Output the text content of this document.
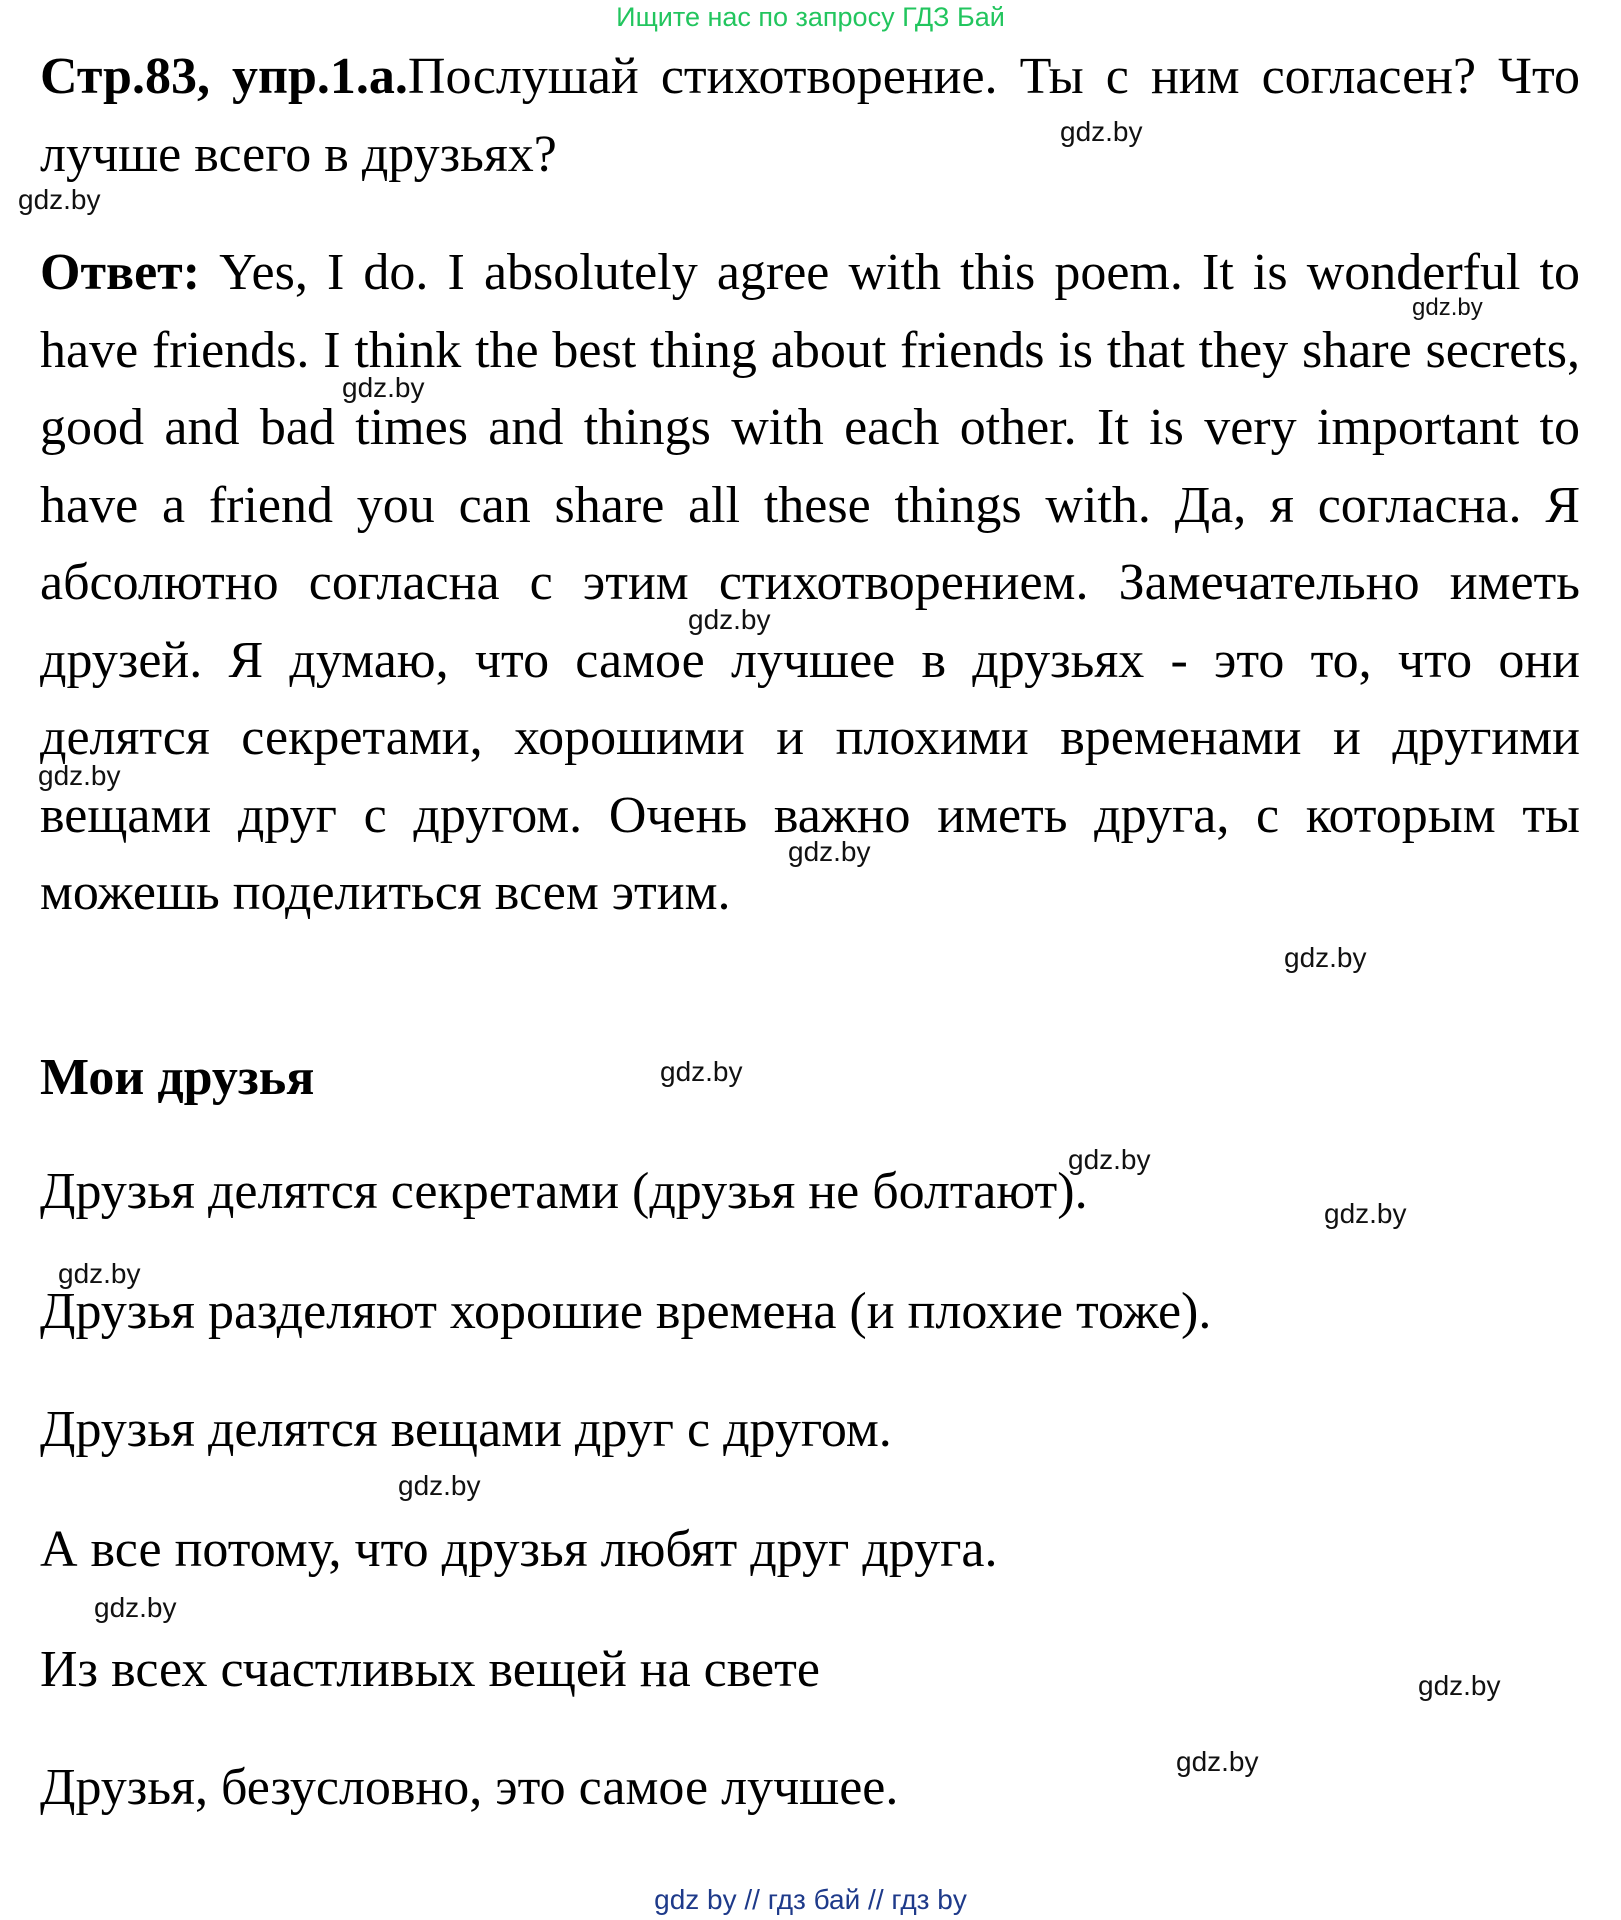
Ищите нас по запросу ГДЗ Бай

Стр.83, упр.1.a.Послушай стихотворение. Ты с ним согласен? Что лучше всего в друзьях?

Ответ: Yes, I do. I absolutely agree with this poem. It is wonderful to have friends. I think the best thing about friends is that they share secrets, good and bad times and things with each other. It is very important to have a friend you can share all these things with. Да, я согласна. Я абсолютно согласна с этим стихотворением. Замечательно иметь друзей. Я думаю, что самое лучшее в друзьях - это то, что они делятся секретами, хорошими и плохими временами и другими вещами друг с другом. Очень важно иметь друга, с которым ты можешь поделиться всем этим.

Мои друзья

Друзья делятся секретами (друзья не болтают).

Друзья разделяют хорошие времена (и плохие тоже).

Друзья делятся вещами друг с другом.

А все потому, что друзья любят друг друга.

Из всех счастливых вещей на свете

Друзья, безусловно, это самое лучшее.

gdz.by
gdz.by
gdz.by
gdz.by
gdz.by
gdz.by
gdz.by
gdz.by
gdz.by
gdz.by
gdz.by
gdz.by
gdz.by
gdz.by
gdz.by
gdz.by
gdz by // гдз бай // гдз by
